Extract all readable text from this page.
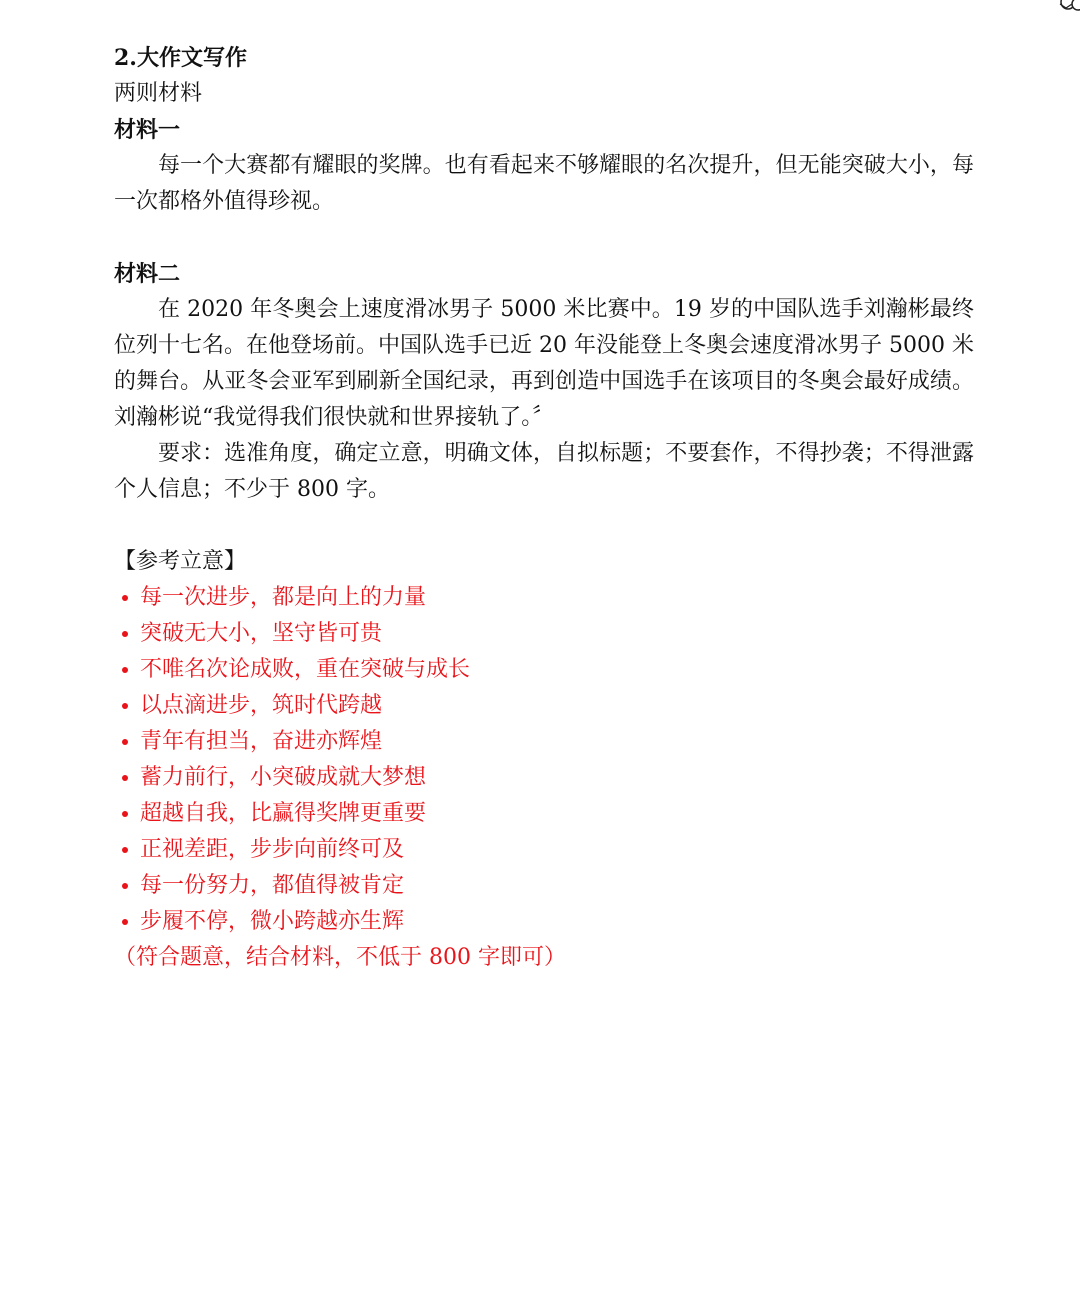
2.大作文写作

两则材料

材料一

每一个大赛都有耀眼的奖牌。也有看起来不够耀眼的名次提升，但无能突破大小，每一次都格外值得珍视。

材料二

在 2020 年冬奥会上速度滑冰男子 5000 米比赛中。19 岁的中国队选手刘瀚彬最终位列十七名。在他登场前。中国队选手已近 20 年没能登上冬奥会速度滑冰男子 5000 米的舞台。从亚冬会亚军到刷新全国纪录，再到创造中国选手在该项目的冬奥会最好成绩。刘瀚彬说“我觉得我们很快就和世界接轨了。〞

要求：选准角度，确定立意，明确文体，自拟标题；不要套作，不得抄袭；不得泄露个人信息；不少于 800 字。

【参考立意】

每一次进步，都是向上的力量
突破无大小，坚守皆可贵
不唯名次论成败，重在突破与成长
以点滴进步，筑时代跨越
青年有担当，奋进亦辉煌
蓄力前行，小突破成就大梦想
超越自我，比赢得奖牌更重要
正视差距，步步向前终可及
每一份努力，都值得被肯定
步履不停，微小跨越亦生辉

（符合题意，结合材料，不低于 800 字即可）
